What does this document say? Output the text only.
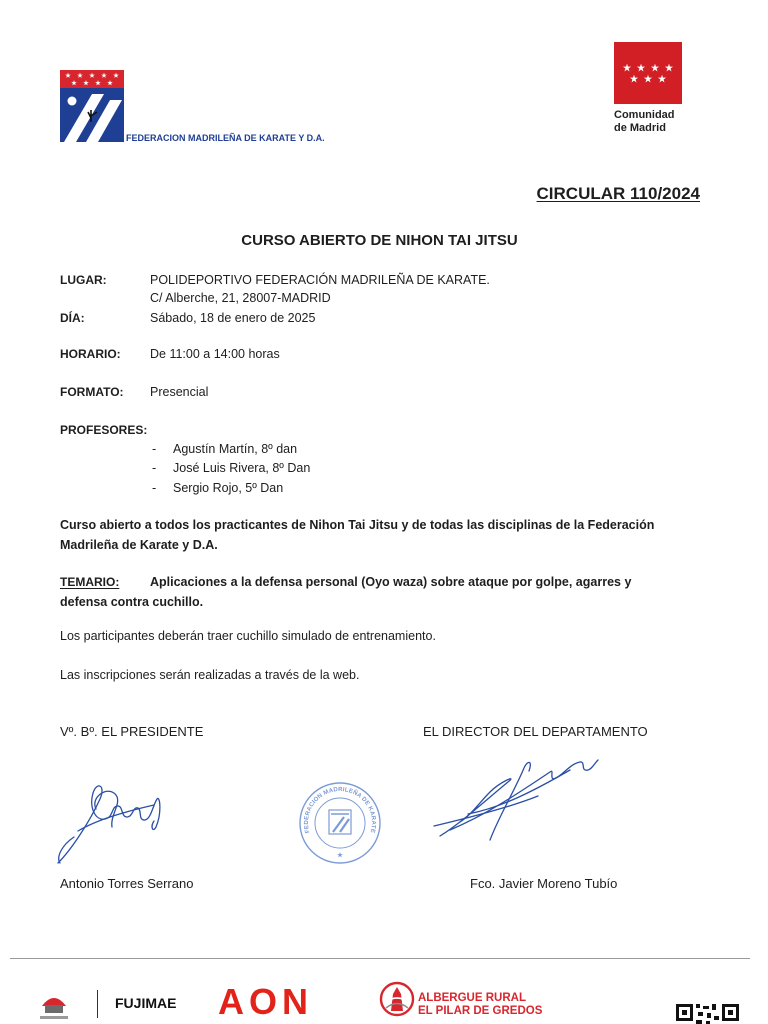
FEDERACION MADRILEÑA DE KARATE Y D.A.
Comunidad
de Madrid
CIRCULAR 110/2024
CURSO ABIERTO DE NIHON TAI JITSU
LUGAR:	POLIDEPORTIVO FEDERACIÓN MADRILEÑA DE KARATE.
C/ Alberche, 21, 28007-MADRID
DÍA:	Sábado, 18 de enero de 2025
HORARIO: De 11:00 a 14:00 horas
FORMATO: Presencial
PROFESORES:
- Agustín Martín, 8º dan
- José Luis Rivera, 8º Dan
- Sergio Rojo, 5º Dan
Curso abierto a todos los practicantes de Nihon Tai Jitsu y de todas las disciplinas de la Federación
Madrileña de Karate y D.A.
TEMARIO: Aplicaciones a la defensa personal (Oyo waza) sobre ataque por golpe, agarres y
defensa contra cuchillo.
Los participantes deberán traer cuchillo simulado de entrenamiento.
Las inscripciones serán realizadas a través de la web.
Vº. Bº. EL PRESIDENTE	EL DIRECTOR DEL DEPARTAMENTO
FEDERACION MADRILEÑA DE KARATE
Antonio Torres Serrano	Fco. Javier Moreno Tubío
FUJIMAE AON	ALBERGUE RURAL
EL PILAR DE GREDOS
